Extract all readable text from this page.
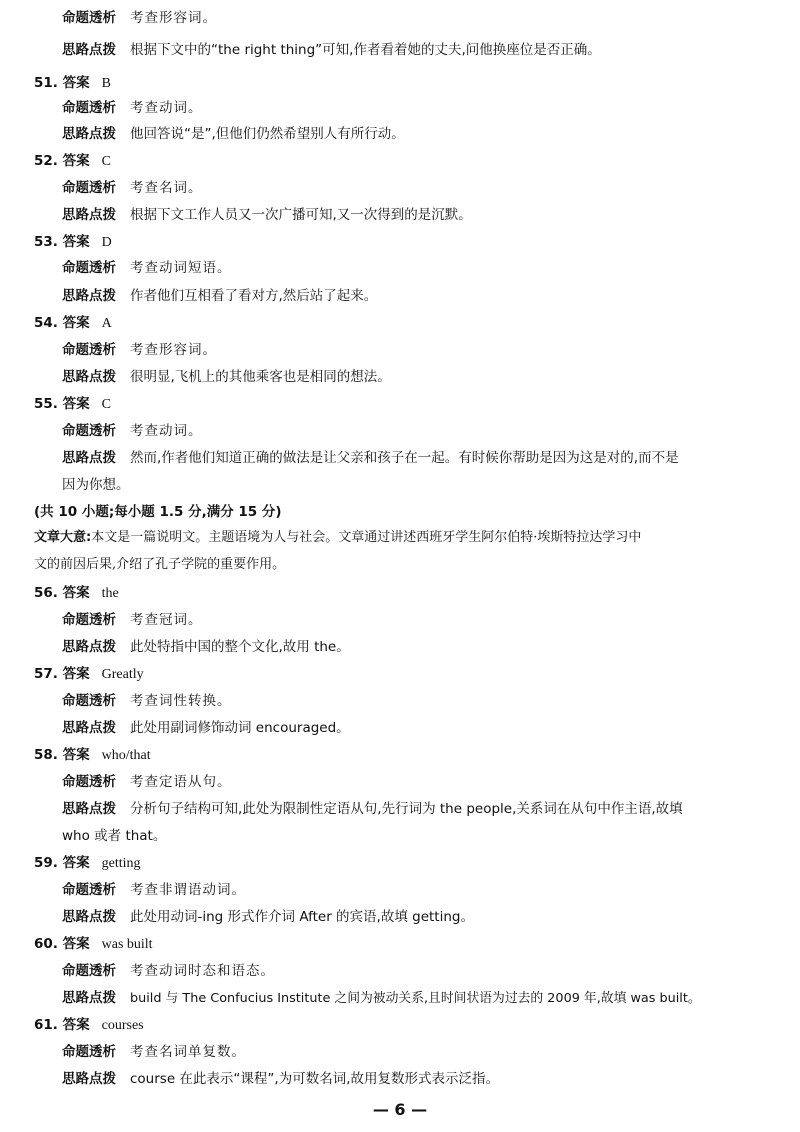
命题透析 考查形容词。
思路点拨 根据下文中的“the right thing”可知,作者看着她的丈夫,问他换座位是否正确。
51. 答案 B
命题透析 考查动词。
思路点拨 他回答说“是”,但他们仍然希望别人有所行动。
52. 答案 C
命题透析 考查名词。
思路点拨 根据下文工作人员又一次广播可知,又一次得到的是沉默。
53. 答案 D
命题透析 考查动词短语。
思路点拨 作者他们互相看了看对方,然后站了起来。
54. 答案 A
命题透析 考查形容词。
思路点拨 很明显,飞机上的其他乘客也是相同的想法。
55. 答案 C
命题透析 考查动词。
思路点拨 然而,作者他们知道正确的做法是让父亲和孩子在一起。有时候你帮助是因为这是对的,而不是
因为你想。
(共 10 小题;每小题 1.5 分,满分 15 分)
文章大意:本文是一篇说明文。主题语境为人与社会。文章通过讲述西班牙学生阿尔伯特·埃斯特拉达学习中
文的前因后果,介绍了孔子学院的重要作用。
56. 答案 the
命题透析 考查冠词。
思路点拨 此处特指中国的整个文化,故用 the。
57. 答案 Greatly
命题透析 考查词性转换。
思路点拨 此处用副词修饰动词 encouraged。
58. 答案 who/that
命题透析 考查定语从句。
思路点拨 分析句子结构可知,此处为限制性定语从句,先行词为 the people,关系词在从句中作主语,故填
who 或者 that。
59. 答案 getting
命题透析 考查非谓语动词。
思路点拨 此处用动词-ing 形式作介词 After 的宾语,故填 getting。
60. 答案 was built
命题透析 考查动词时态和语态。
思路点拨 build 与 The Confucius Institute 之间为被动关系,且时间状语为过去的 2009 年,故填 was built。
61. 答案 courses
命题透析 考查名词单复数。
思路点拨 course 在此表示“课程”,为可数名词,故用复数形式表示泛指。
— 6 —
